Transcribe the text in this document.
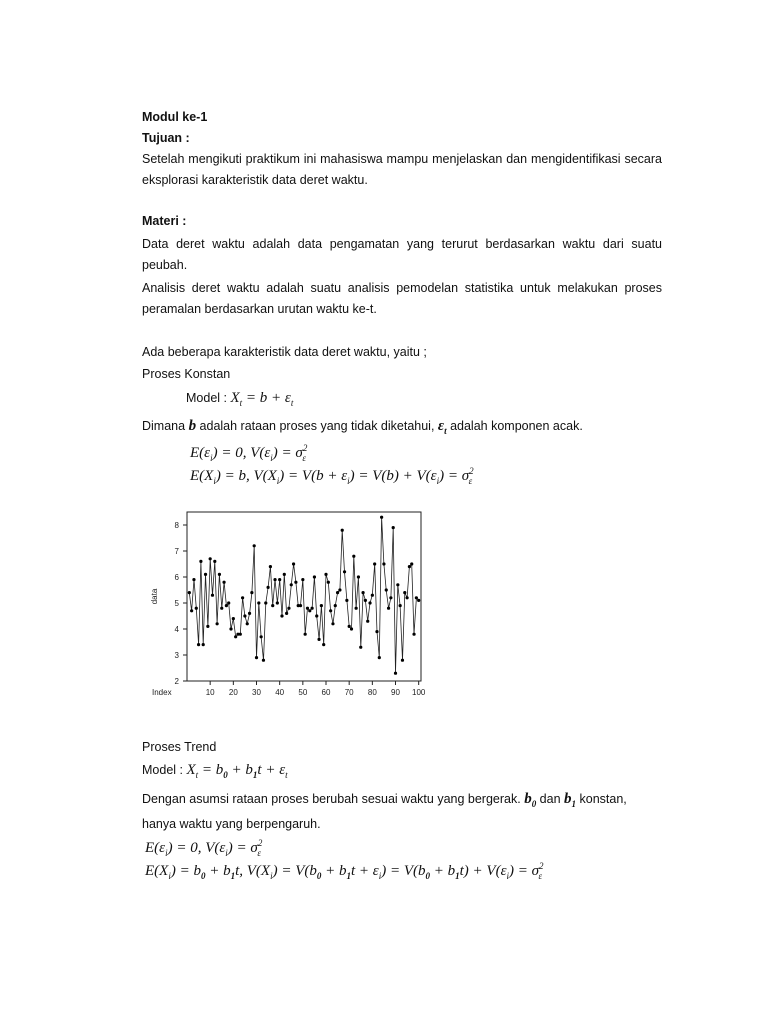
Modul ke-1
Tujuan :
Setelah mengikuti praktikum ini mahasiswa mampu menjelaskan dan mengidentifikasi secara eksplorasi karakteristik data deret waktu.
Materi :
Data deret waktu adalah data pengamatan yang terurut berdasarkan waktu dari suatu peubah.
Analisis deret waktu adalah suatu analisis pemodelan statistika untuk melakukan proses peramalan berdasarkan urutan waktu ke-t.
Ada beberapa karakteristik data deret waktu, yaitu ;
Proses Konstan
Model : $X_t = b + \varepsilon_t$
Dimana b adalah rataan proses yang tidak diketahui, $\varepsilon_t$ adalah komponen acak.
$E(\varepsilon_i) = 0$, $V(\varepsilon_i) = \sigma^2_\varepsilon$
$E(X_i) = b$, $V(X_i) = V(b + \varepsilon_i) = V(b) + V(\varepsilon_i) = \sigma^2_\varepsilon$
2
3
4
5
6
7
8
10 20 30 40 50 60 70 80 90 100
Index
data
Proses Trend
Model : $X_t = b_0 + b_1t + \varepsilon_t$
Dengan asumsi rataan proses berubah sesuai waktu yang bergerak. $b_0$ dan $b_1$ konstan, hanya waktu yang berpengaruh.
$E(\varepsilon_i) = 0$, $V(\varepsilon_i) = \sigma^2_\varepsilon$
$E(X_i) = b_0 + b_1t$, $V(X_i) = V(b_0 + b_1t + \varepsilon_i) = V(b_0 + b_1t) + V(\varepsilon_i) = \sigma^2_\varepsilon$
